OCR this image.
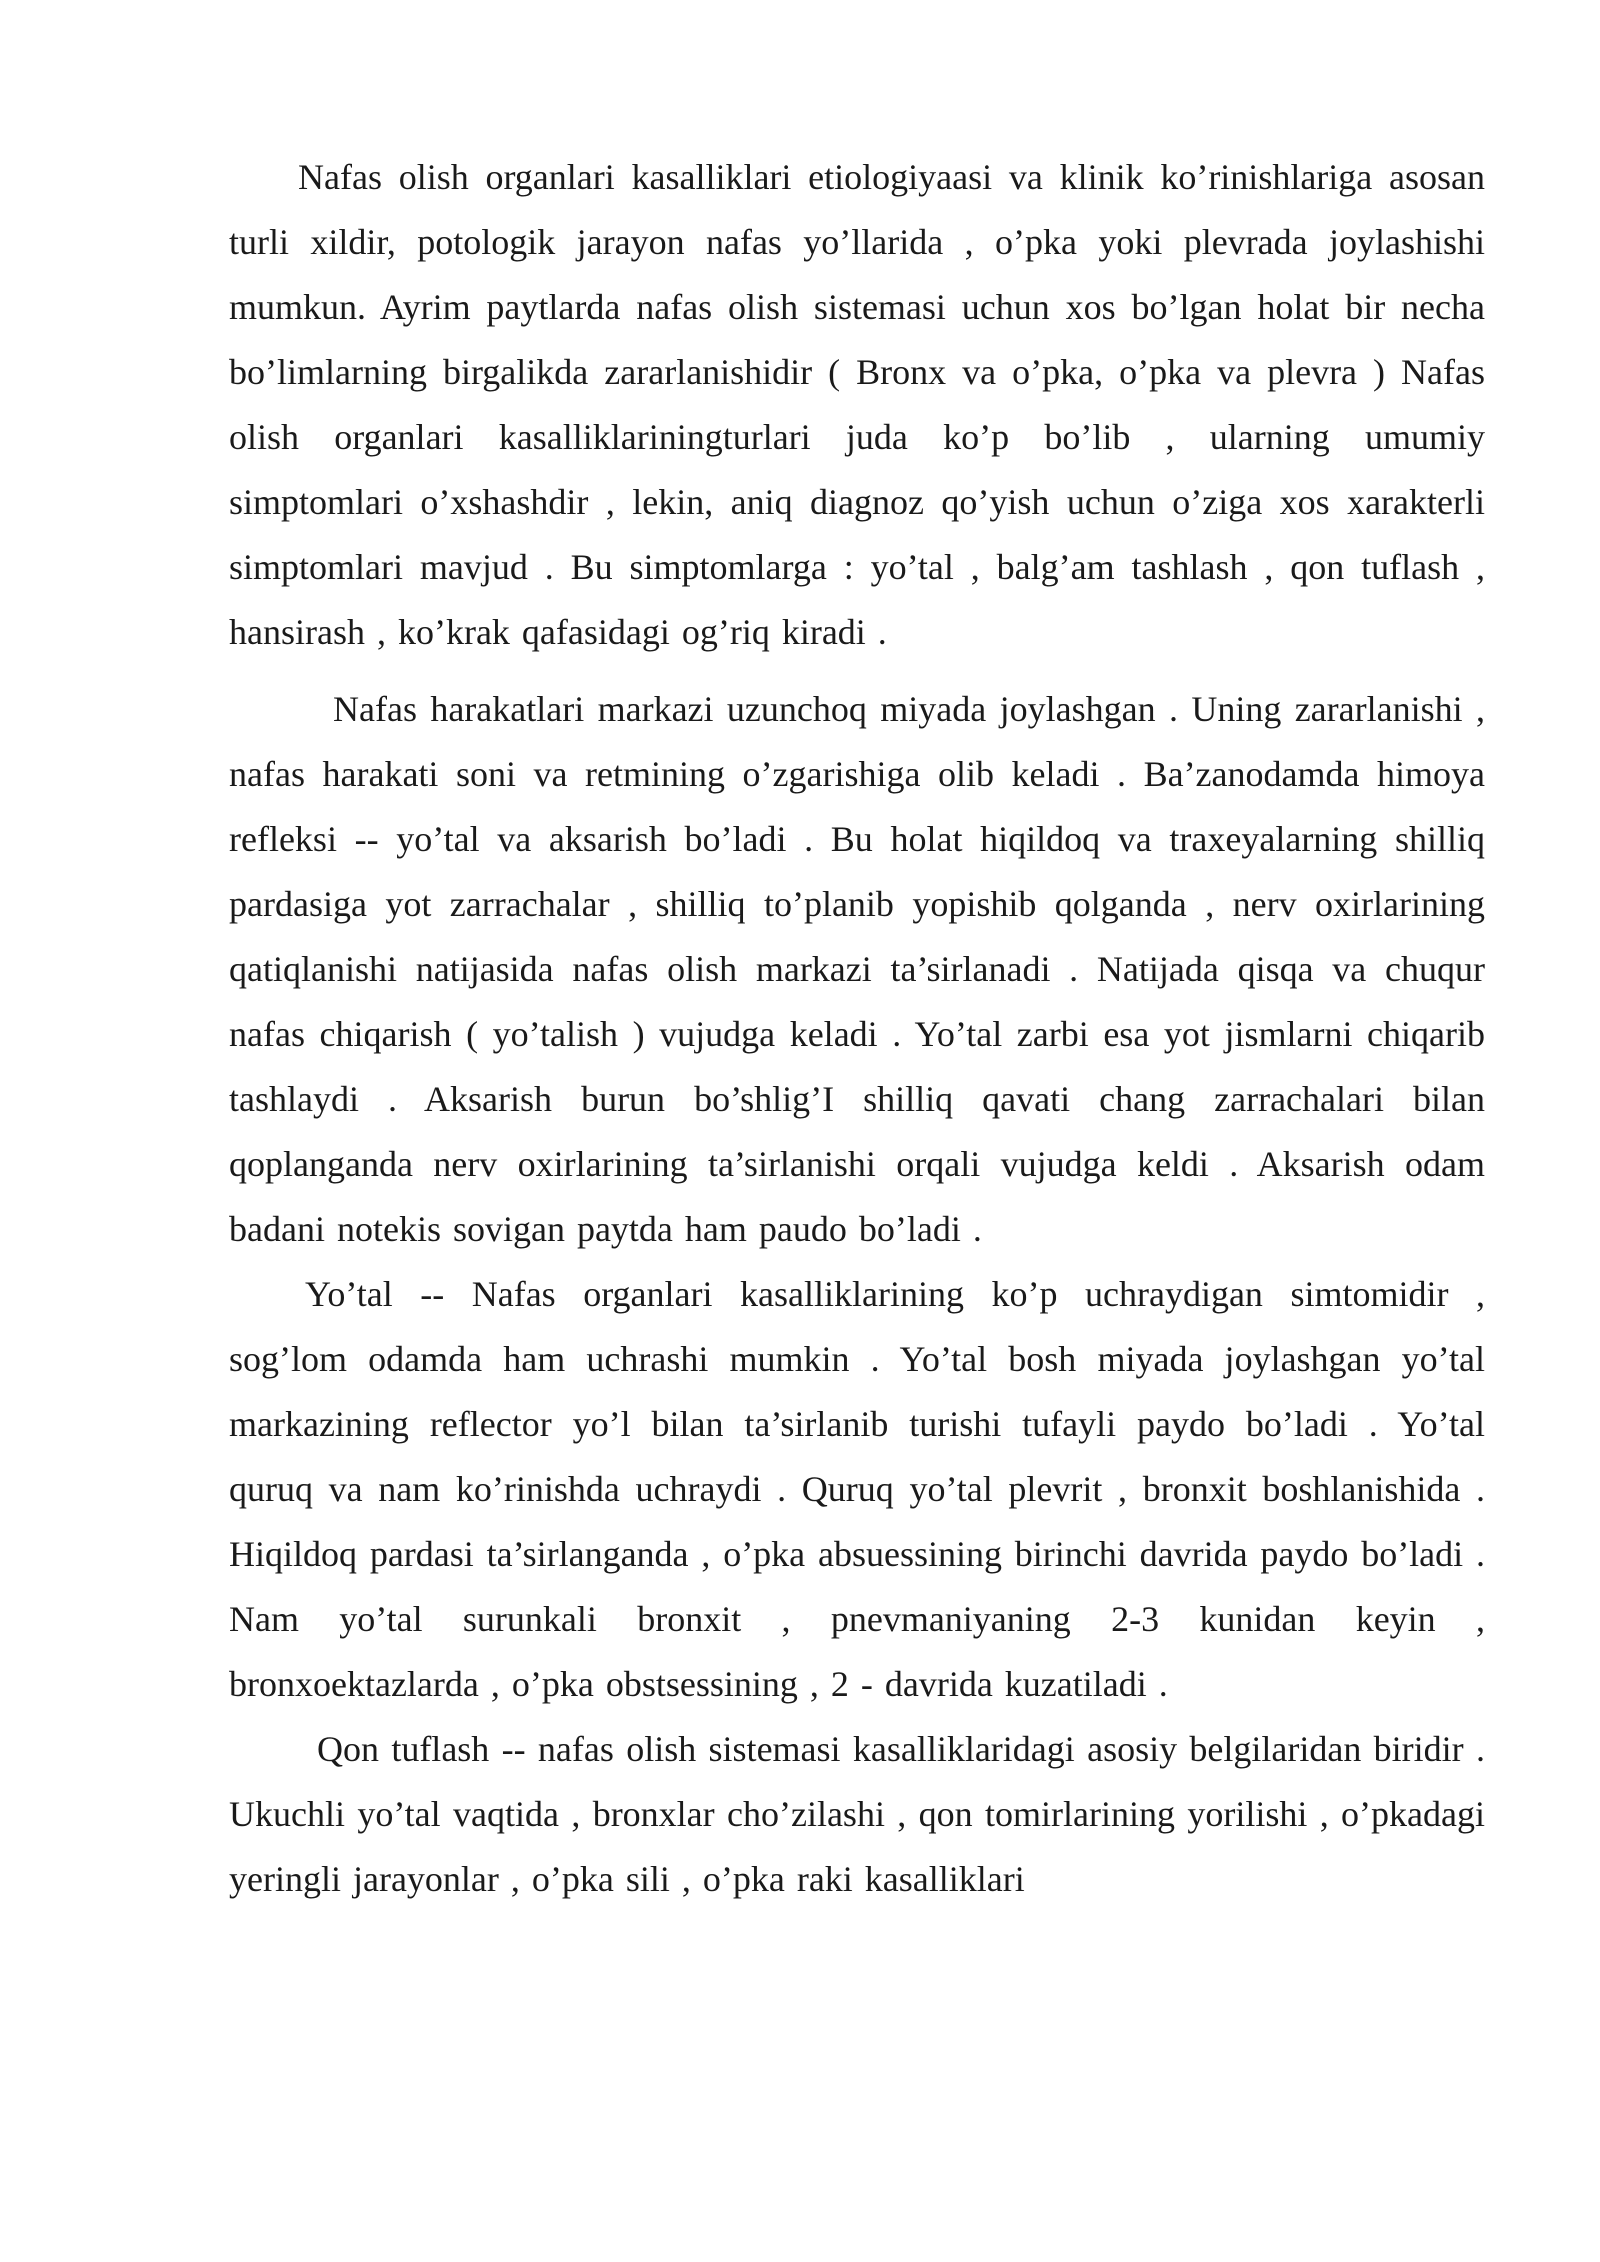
Nafas olish organlari kasalliklari etiologiyaasi va klinik ko’rinishlariga asosan turli xildir, potologik jarayon nafas yo’llarida , o’pka yoki plevrada joylashishi mumkun. Ayrim paytlarda nafas olish sistemasi uchun xos bo’lgan holat bir necha bo’limlarning birgalikda zararlanishidir ( Bronx va o’pka, o’pka va plevra ) Nafas olish organlari kasalliklariningturlari juda ko’p bo’lib , ularning umumiy simptomlari o’xshashdir , lekin, aniq diagnoz qo’yish uchun o’ziga xos xarakterli simptomlari mavjud . Bu simptomlarga : yo’tal , balg’am tashlash , qon tuflash , hansirash , ko’krak qafasidagi og’riq kiradi .

Nafas harakatlari markazi uzunchoq miyada joylashgan . Uning zararlanishi , nafas harakati soni va retmining o’zgarishiga olib keladi . Ba’zanodamda himoya refleksi -- yo’tal va aksarish bo’ladi . Bu holat hiqildoq va traxeyalarning shilliq pardasiga yot zarrachalar , shilliq to’planib yopishib qolganda , nerv oxirlarining qatiqlanishi natijasida nafas olish markazi ta’sirlanadi . Natijada qisqa va chuqur nafas chiqarish ( yo’talish ) vujudga keladi . Yo’tal zarbi esa yot jismlarni chiqarib tashlaydi . Aksarish burun bo’shlig’I shilliq qavati chang zarrachalari bilan qoplanganda nerv oxirlarining ta’sirlanishi orqali vujudga keldi . Aksarish odam badani notekis sovigan paytda ham paudo bo’ladi .

Yo’tal -- Nafas organlari kasalliklarining ko’p uchraydigan simtomidir , sog’lom odamda ham uchrashi mumkin . Yo’tal bosh miyada joylashgan yo’tal markazining reflector yo’l bilan ta’sirlanib turishi tufayli paydo bo’ladi . Yo’tal quruq va nam ko’rinishda uchraydi . Quruq yo’tal plevrit , bronxit boshlanishida . Hiqildoq pardasi ta’sirlanganda , o’pka absuessining birinchi davrida paydo bo’ladi . Nam yo’tal surunkali bronxit , pnevmaniyaning 2-3 kunidan keyin , bronxoektazlarda , o’pka obstsessining , 2 - davrida kuzatiladi .

Qon tuflash -- nafas olish sistemasi kasalliklaridagi asosiy belgilaridan biridir . Ukuchli yo’tal vaqtida , bronxlar cho’zilashi , qon tomirlarining yorilishi , o’pkadagi yeringli jarayonlar , o’pka sili , o’pka raki kasalliklari
